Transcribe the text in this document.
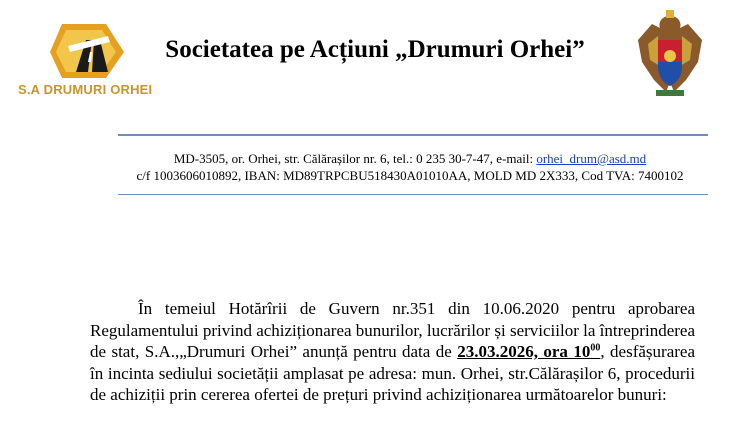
S.A DRUMURI ORHEI
Societatea pe Acțiuni „Drumuri Orhei”
MD-3505, or. Orhei, str. Călărașilor nr. 6, tel.: 0 235 30-7-47, e-mail: orhei_drum@asd.md
c/f 1003606010892, IBAN: MD89TRPCBU518430A01010AA, MOLD MD 2X333, Cod TVA: 7400102

În temeiul Hotărîrii de Guvern nr.351 din 10.06.2020 pentru aprobarea Regulamentului privind achiziționarea bunurilor, lucrărilor și serviciilor la întreprinderea de stat, S.A.,„Drumuri Orhei” anunță pentru data de 23.03.2026, ora $10^{00}$, desfășurarea în incinta sediului societății amplasat pe adresa: mun. Orhei, str.Călărașilor 6, procedurii de achiziții prin cererea ofertei de prețuri privind achiziționarea următoarelor bunuri:
